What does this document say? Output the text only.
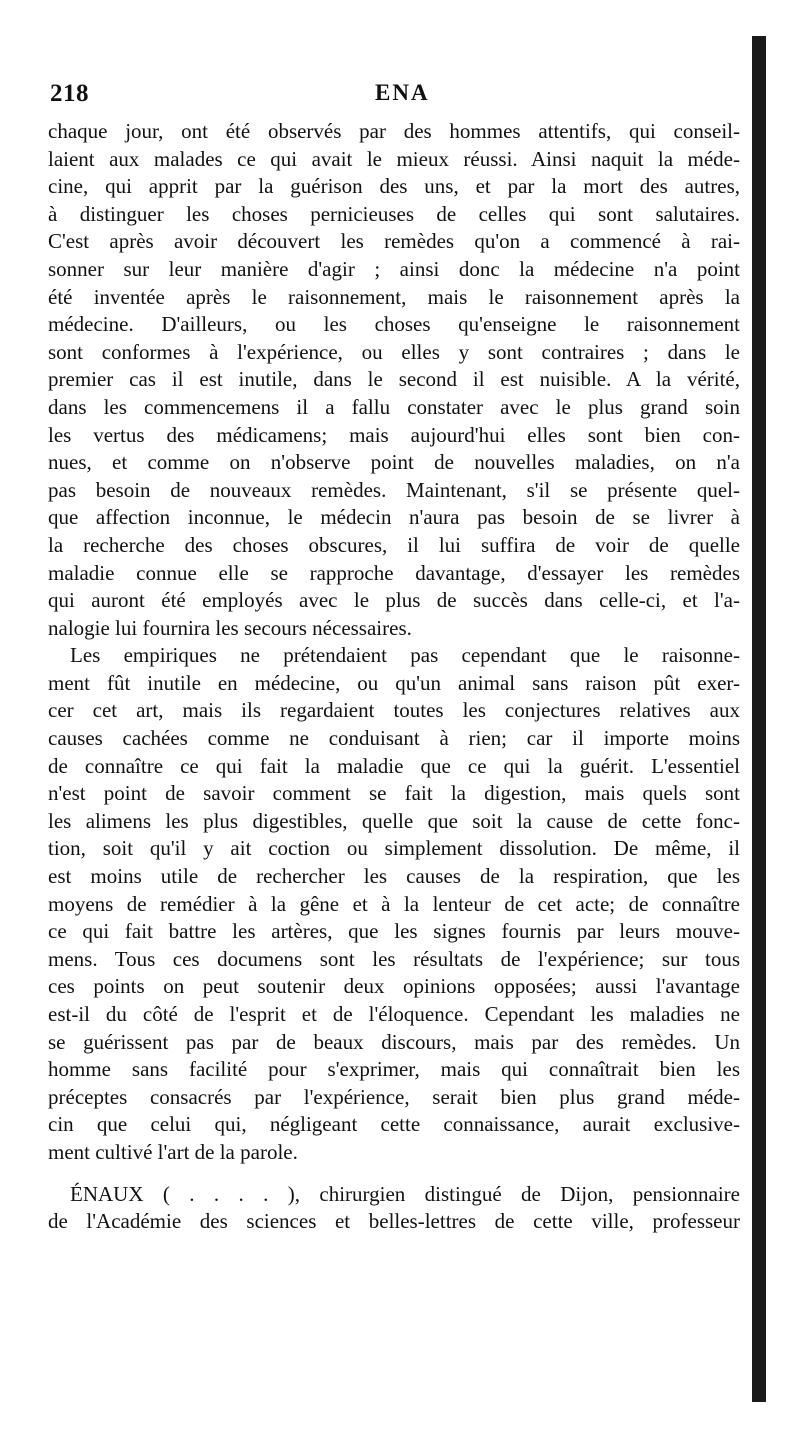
218	ENA
chaque jour, ont été observés par des hommes attentifs, qui conseil-
laient aux malades ce qui avait le mieux réussi. Ainsi naquit la méde-
cine, qui apprit par la guérison des uns, et par la mort des autres,
à distinguer les choses pernicieuses de celles qui sont salutaires.
C'est après avoir découvert les remèdes qu'on a commencé à rai-
sonner sur leur manière d'agir ; ainsi donc la médecine n'a point
été inventée après le raisonnement, mais le raisonnement après la
médecine. D'ailleurs, ou les choses qu'enseigne le raisonnement
sont conformes à l'expérience, ou elles y sont contraires ; dans le
premier cas il est inutile, dans le second il est nuisible. A la vérité,
dans les commencemens il a fallu constater avec le plus grand soin
les vertus des médicamens; mais aujourd'hui elles sont bien con-
nues, et comme on n'observe point de nouvelles maladies, on n'a
pas besoin de nouveaux remèdes. Maintenant, s'il se présente quel-
que affection inconnue, le médecin n'aura pas besoin de se livrer à
la recherche des choses obscures, il lui suffira de voir de quelle
maladie connue elle se rapproche davantage, d'essayer les remèdes
qui auront été employés avec le plus de succès dans celle-ci, et l'a-
nalogie lui fournira les secours nécessaires.
Les empiriques ne prétendaient pas cependant que le raisonne-
ment fût inutile en médecine, ou qu'un animal sans raison pût exer-
cer cet art, mais ils regardaient toutes les conjectures relatives aux
causes cachées comme ne conduisant à rien; car il importe moins
de connaître ce qui fait la maladie que ce qui la guérit. L'essentiel
n'est point de savoir comment se fait la digestion, mais quels sont
les alimens les plus digestibles, quelle que soit la cause de cette fonc-
tion, soit qu'il y ait coction ou simplement dissolution. De même, il
est moins utile de rechercher les causes de la respiration, que les
moyens de remédier à la gêne et à la lenteur de cet acte; de connaître
ce qui fait battre les artères, que les signes fournis par leurs mouve-
mens. Tous ces documens sont les résultats de l'expérience; sur tous
ces points on peut soutenir deux opinions opposées; aussi l'avantage
est-il du côté de l'esprit et de l'éloquence. Cependant les maladies ne
se guérissent pas par de beaux discours, mais par des remèdes. Un
homme sans facilité pour s'exprimer, mais qui connaîtrait bien les
préceptes consacrés par l'expérience, serait bien plus grand méde-
cin que celui qui, négligeant cette connaissance, aurait exclusive-
ment cultivé l'art de la parole.
ÉNAUX ( . . . . ), chirurgien distingué de Dijon, pensionnaire
de l'Académie des sciences et belles-lettres de cette ville, professeur
